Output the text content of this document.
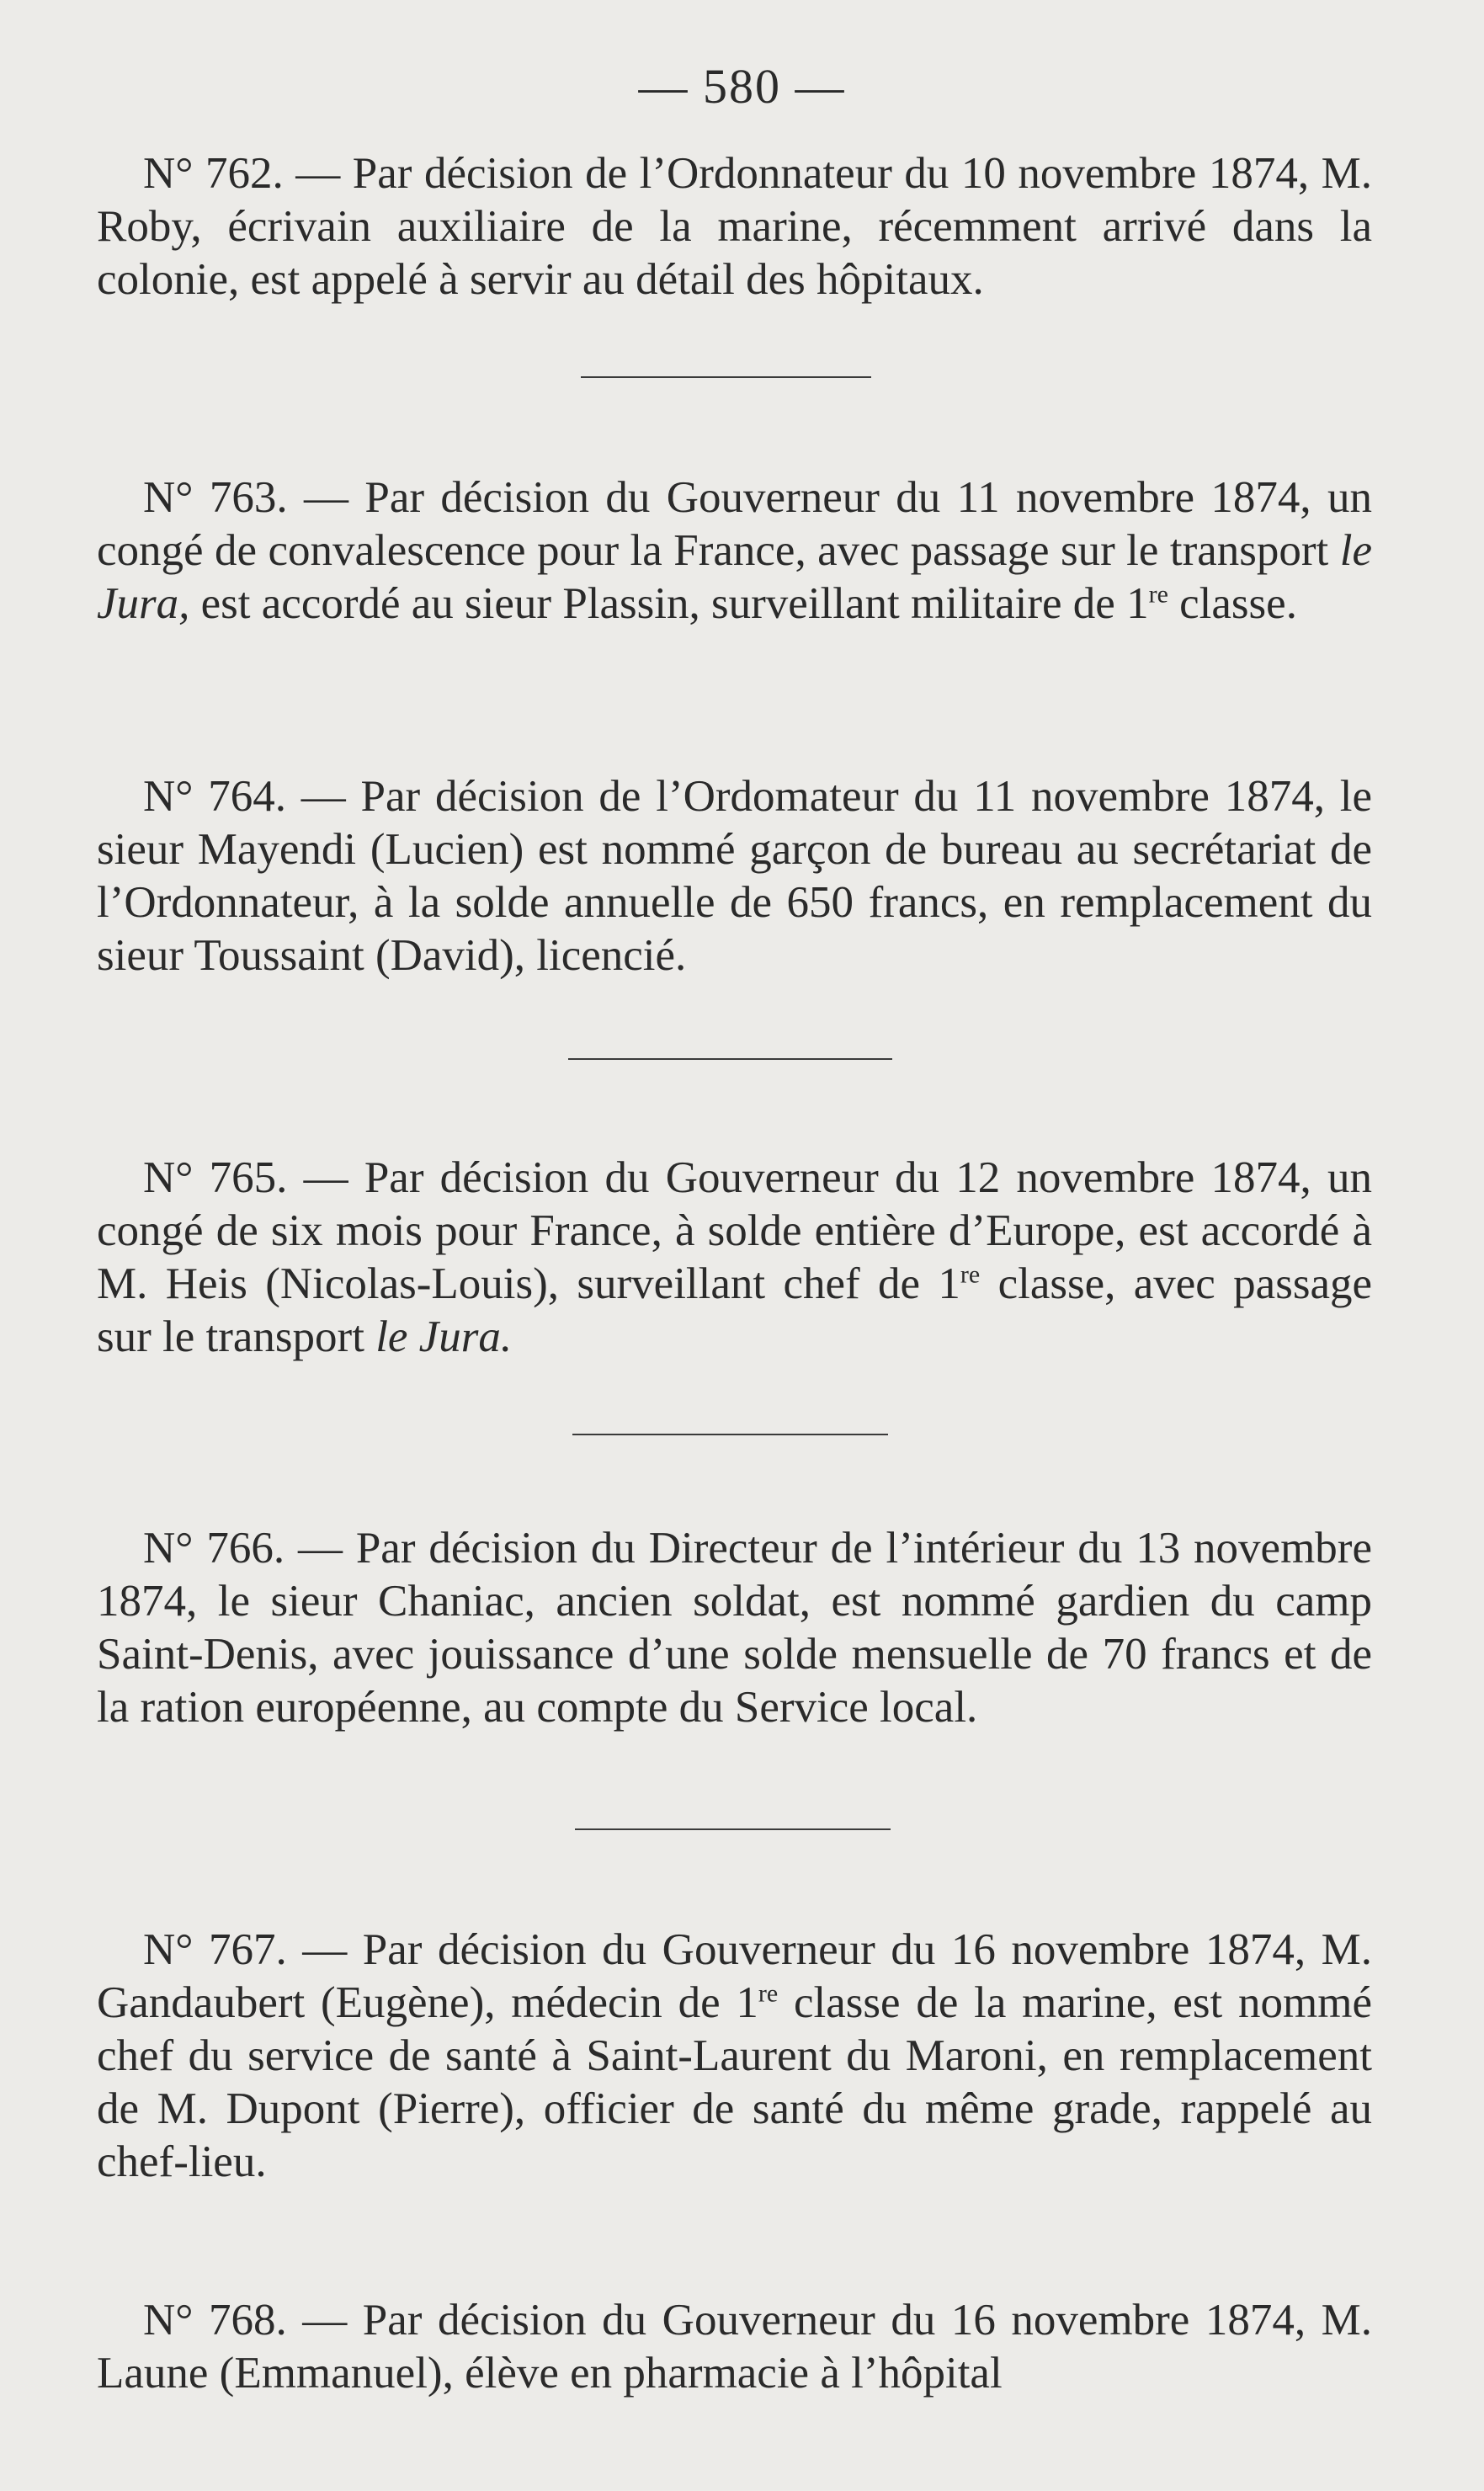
— 580 —

N° 762. — Par décision de l’Ordonnateur du 10 novembre 1874, M. Roby, écrivain auxiliaire de la marine, récemment arrivé dans la colonie, est appelé à servir au détail des hôpitaux.

N° 763. — Par décision du Gouverneur du 11 novembre 1874, un congé de convalescence pour la France, avec passage sur le transport le Jura, est accordé au sieur Plassin, surveillant militaire de 1re classe.

N° 764. — Par décision de l’Ordomateur du 11 novembre 1874, le sieur Mayendi (Lucien) est nommé garçon de bureau au secrétariat de l’Ordonnateur, à la solde annuelle de 650 francs, en remplacement du sieur Toussaint (David), licencié.

N° 765. — Par décision du Gouverneur du 12 novembre 1874, un congé de six mois pour France, à solde entière d’Europe, est accordé à M. Heis (Nicolas-Louis), surveillant chef de 1re classe, avec passage sur le transport le Jura.

N° 766. — Par décision du Directeur de l’intérieur du 13 novembre 1874, le sieur Chaniac, ancien soldat, est nommé gardien du camp Saint-Denis, avec jouissance d’une solde mensuelle de 70 francs et de la ration européenne, au compte du Service local.

N° 767. — Par décision du Gouverneur du 16 novembre 1874, M. Gandaubert (Eugène), médecin de 1re classe de la marine, est nommé chef du service de santé à Saint-Laurent du Maroni, en remplacement de M. Dupont (Pierre), officier de santé du même grade, rappelé au chef-lieu.

N° 768. — Par décision du Gouverneur du 16 novembre 1874, M. Laune (Emmanuel), élève en pharmacie à l’hôpital
